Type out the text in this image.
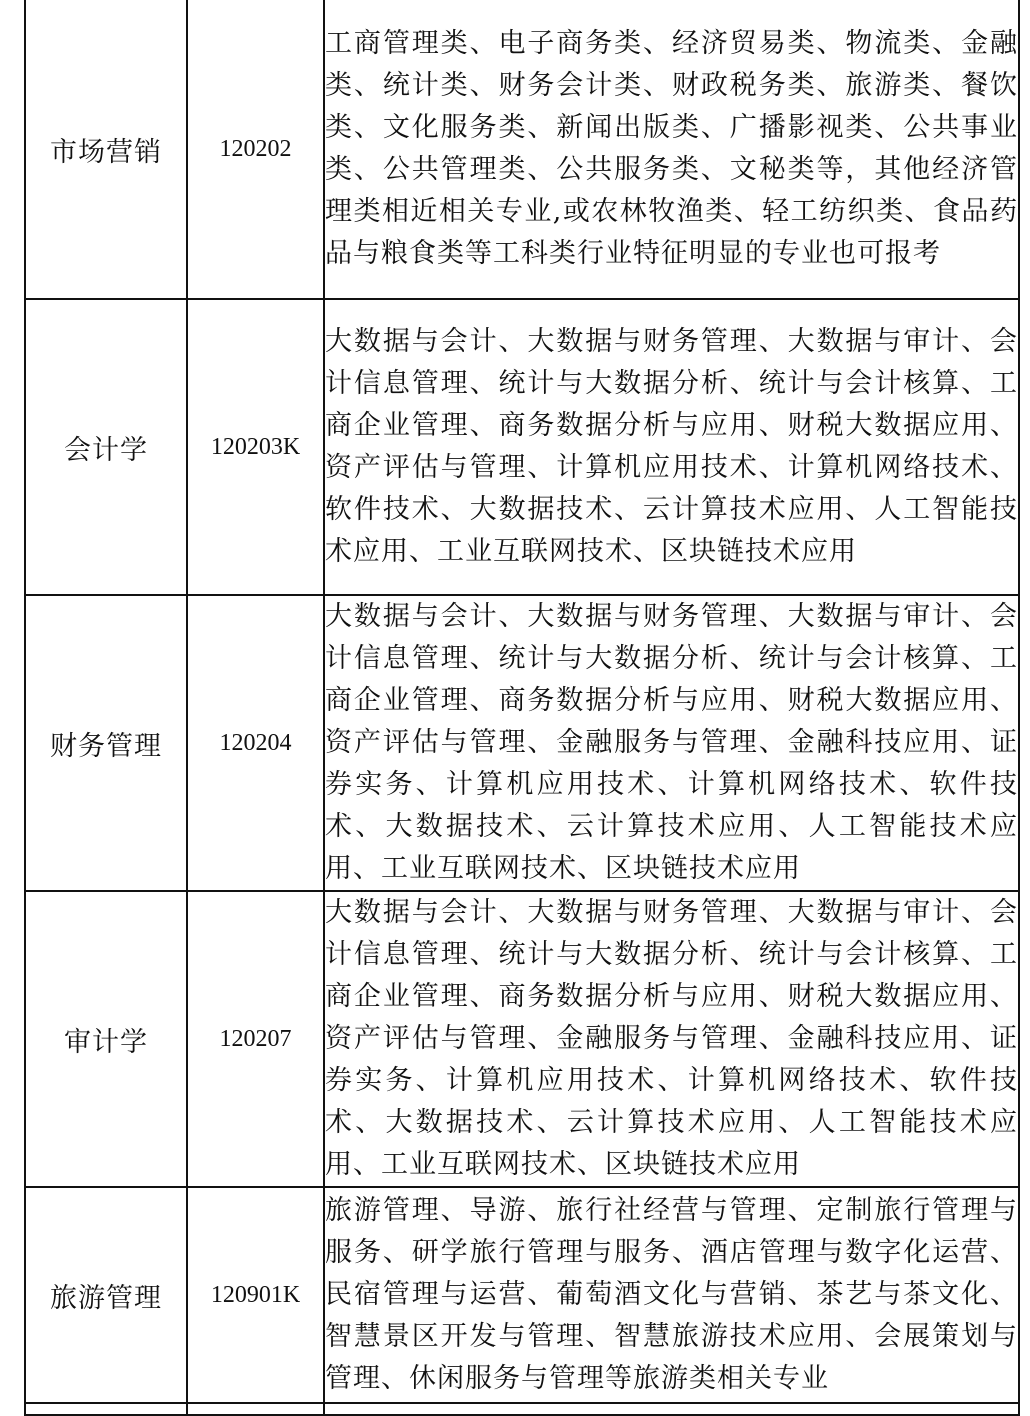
市场营销	120202	工商管理类、电子商务类、经济贸易类、物流类、金融类、统计类、财务会计类、财政税务类、旅游类、餐饮类、文化服务类、新闻出版类、广播影视类、公共事业类、公共管理类、公共服务类、文秘类等，其他经济管理类相近相关专业,或农林牧渔类、轻工纺织类、食品药品与粮食类等工科类行业特征明显的专业也可报考
会计学	120203K	大数据与会计、大数据与财务管理、大数据与审计、会计信息管理、统计与大数据分析、统计与会计核算、工商企业管理、商务数据分析与应用、财税大数据应用、资产评估与管理、计算机应用技术、计算机网络技术、软件技术、大数据技术、云计算技术应用、人工智能技术应用、工业互联网技术、区块链技术应用
财务管理	120204	大数据与会计、大数据与财务管理、大数据与审计、会计信息管理、统计与大数据分析、统计与会计核算、工商企业管理、商务数据分析与应用、财税大数据应用、资产评估与管理、金融服务与管理、金融科技应用、证券实务、计算机应用技术、计算机网络技术、软件技术、大数据技术、云计算技术应用、人工智能技术应用、工业互联网技术、区块链技术应用
审计学	120207	大数据与会计、大数据与财务管理、大数据与审计、会计信息管理、统计与大数据分析、统计与会计核算、工商企业管理、商务数据分析与应用、财税大数据应用、资产评估与管理、金融服务与管理、金融科技应用、证券实务、计算机应用技术、计算机网络技术、软件技术、大数据技术、云计算技术应用、人工智能技术应用、工业互联网技术、区块链技术应用
旅游管理	120901K	旅游管理、导游、旅行社经营与管理、定制旅行管理与服务、研学旅行管理与服务、酒店管理与数字化运营、民宿管理与运营、葡萄酒文化与营销、茶艺与茶文化、智慧景区开发与管理、智慧旅游技术应用、会展策划与管理、休闲服务与管理等旅游类相关专业
